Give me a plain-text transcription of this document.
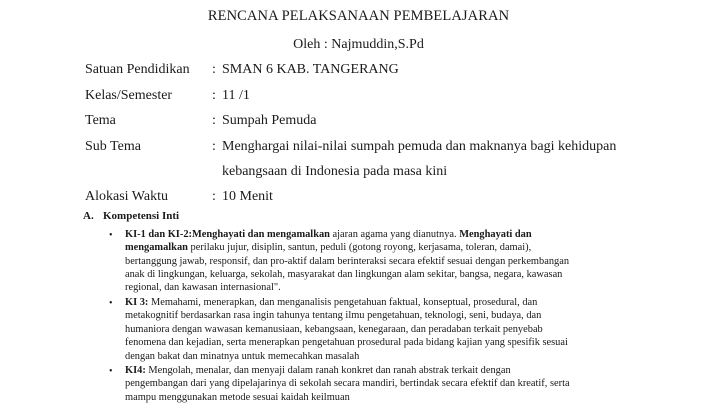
RENCANA PELAKSANAAN PEMBELAJARAN
Oleh : Najmuddin,S.Pd
Satuan Pendidikan : SMAN 6 KAB. TANGERANG
Kelas/Semester	: 11 /1
Tema	: Sumpah Pemuda
Sub Tema	: Menghargai nilai-nilai sumpah pemuda dan maknanya bagi kehidupan
kebangsaan di Indonesia pada masa kini
Alokasi Waktu	: 10 Menit
A. Kompetensi Inti
• KI-1 dan KI-2:Menghayati dan mengamalkan ajaran agama yang dianutnya. Menghayati dan
mengamalkan perilaku jujur, disiplin, santun, peduli (gotong royong, kerjasama, toleran, damai),
bertanggung jawab, responsif, dan pro-aktif dalam berinteraksi secara efektif sesuai dengan perkembangan
anak di lingkungan, keluarga, sekolah, masyarakat dan lingkungan alam sekitar, bangsa, negara, kawasan
regional, dan kawasan internasional".
• KI 3: Memahami, menerapkan, dan menganalisis pengetahuan faktual, konseptual, prosedural, dan
metakognitif berdasarkan rasa ingin tahunya tentang ilmu pengetahuan, teknologi, seni, budaya, dan
humaniora dengan wawasan kemanusiaan, kebangsaan, kenegaraan, dan peradaban terkait penyebab
fenomena dan kejadian, serta menerapkan pengetahuan prosedural pada bidang kajian yang spesifik sesuai
dengan bakat dan minatnya untuk memecahkan masalah
• KI4: Mengolah, menalar, dan menyaji dalam ranah konkret dan ranah abstrak terkait dengan
pengembangan dari yang dipelajarinya di sekolah secara mandiri, bertindak secara efektif dan kreatif, serta
mampu menggunakan metode sesuai kaidah keilmuan
